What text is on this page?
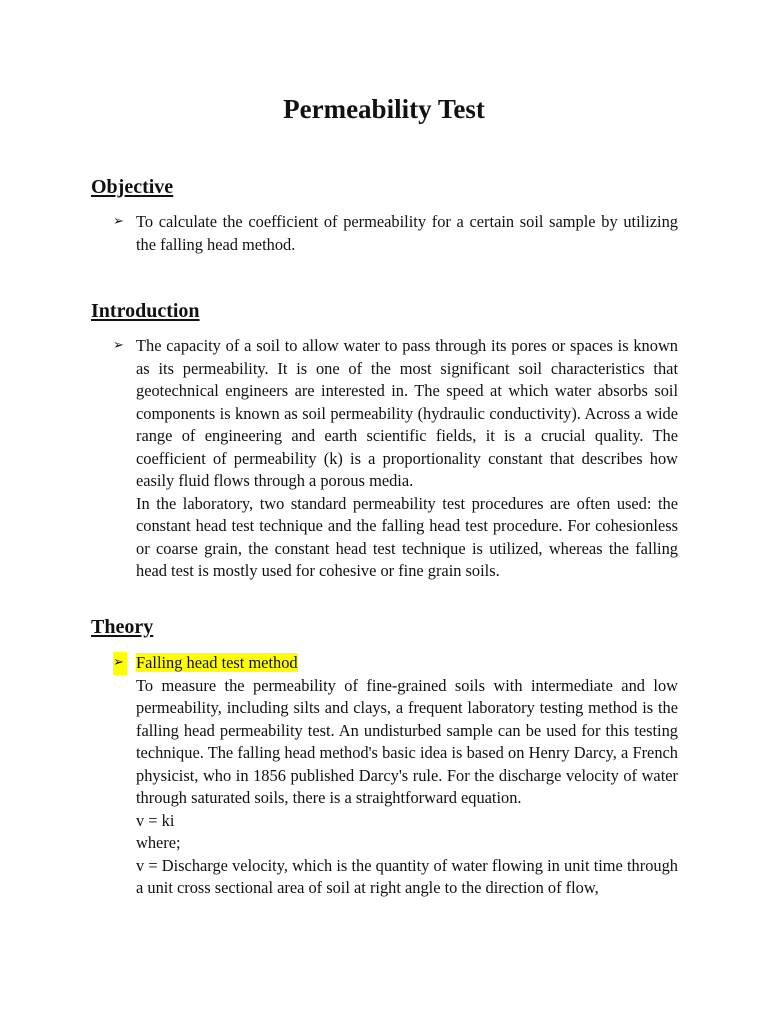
Permeability Test
Objective
➢ To calculate the coefficient of permeability for a certain soil sample by utilizing the falling head method.

Introduction
➢ The capacity of a soil to allow water to pass through its pores or spaces is known as its permeability. It is one of the most significant soil characteristics that geotechnical engineers are interested in. The speed at which water absorbs soil components is known as soil permeability (hydraulic conductivity). Across a wide range of engineering and earth scientific fields, it is a crucial quality. The coefficient of permeability (k) is a proportionality constant that describes how easily fluid flows through a porous media.

In the laboratory, two standard permeability test procedures are often used: the constant head test technique and the falling head test procedure. For cohesionless or coarse grain, the constant head test technique is utilized, whereas the falling head test is mostly used for cohesive or fine grain soils.

Theory
➢ Falling head test method

To measure the permeability of fine-grained soils with intermediate and low permeability, including silts and clays, a frequent laboratory testing method is the falling head permeability test. An undisturbed sample can be used for this testing technique. The falling head method's basic idea is based on Henry Darcy, a French physicist, who in 1856 published Darcy's rule. For the discharge velocity of water through saturated soils, there is a straightforward equation.

v = ki

where;

v = Discharge velocity, which is the quantity of water flowing in unit time through a unit cross sectional area of soil at right angle to the direction of flow,
